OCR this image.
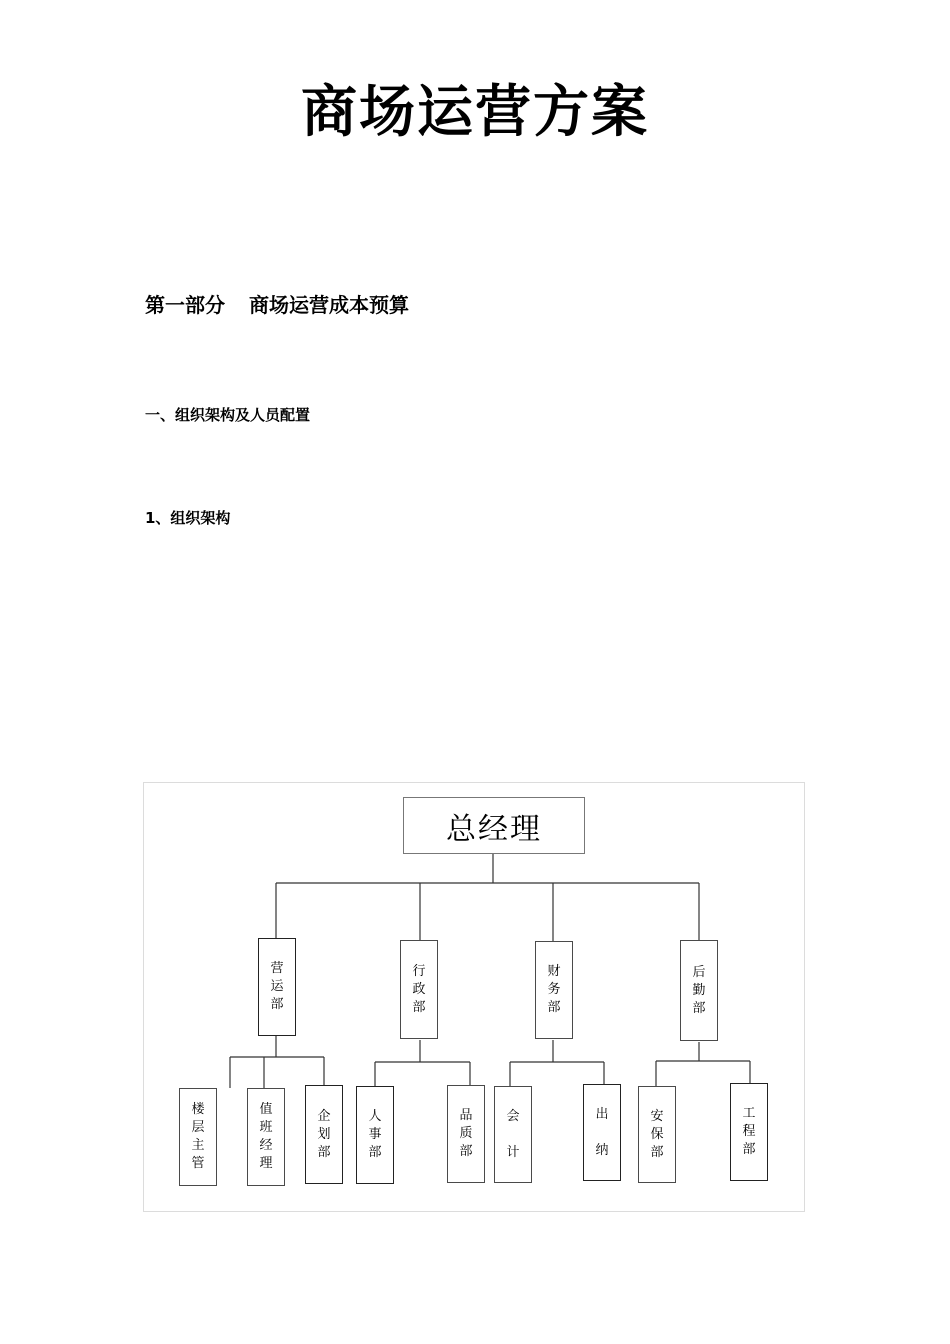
商场运营方案
第一部分 商场运营成本预算
一、组织架构及人员配置
1、组织架构
总经理
营
运
部
行
政
部
财
务
部
后
勤
部
楼
层
主
管
值
班
经
理
企
划
部
人
事
部
品
质
部
会
计
出
纳
安
保
部
工
程
部
